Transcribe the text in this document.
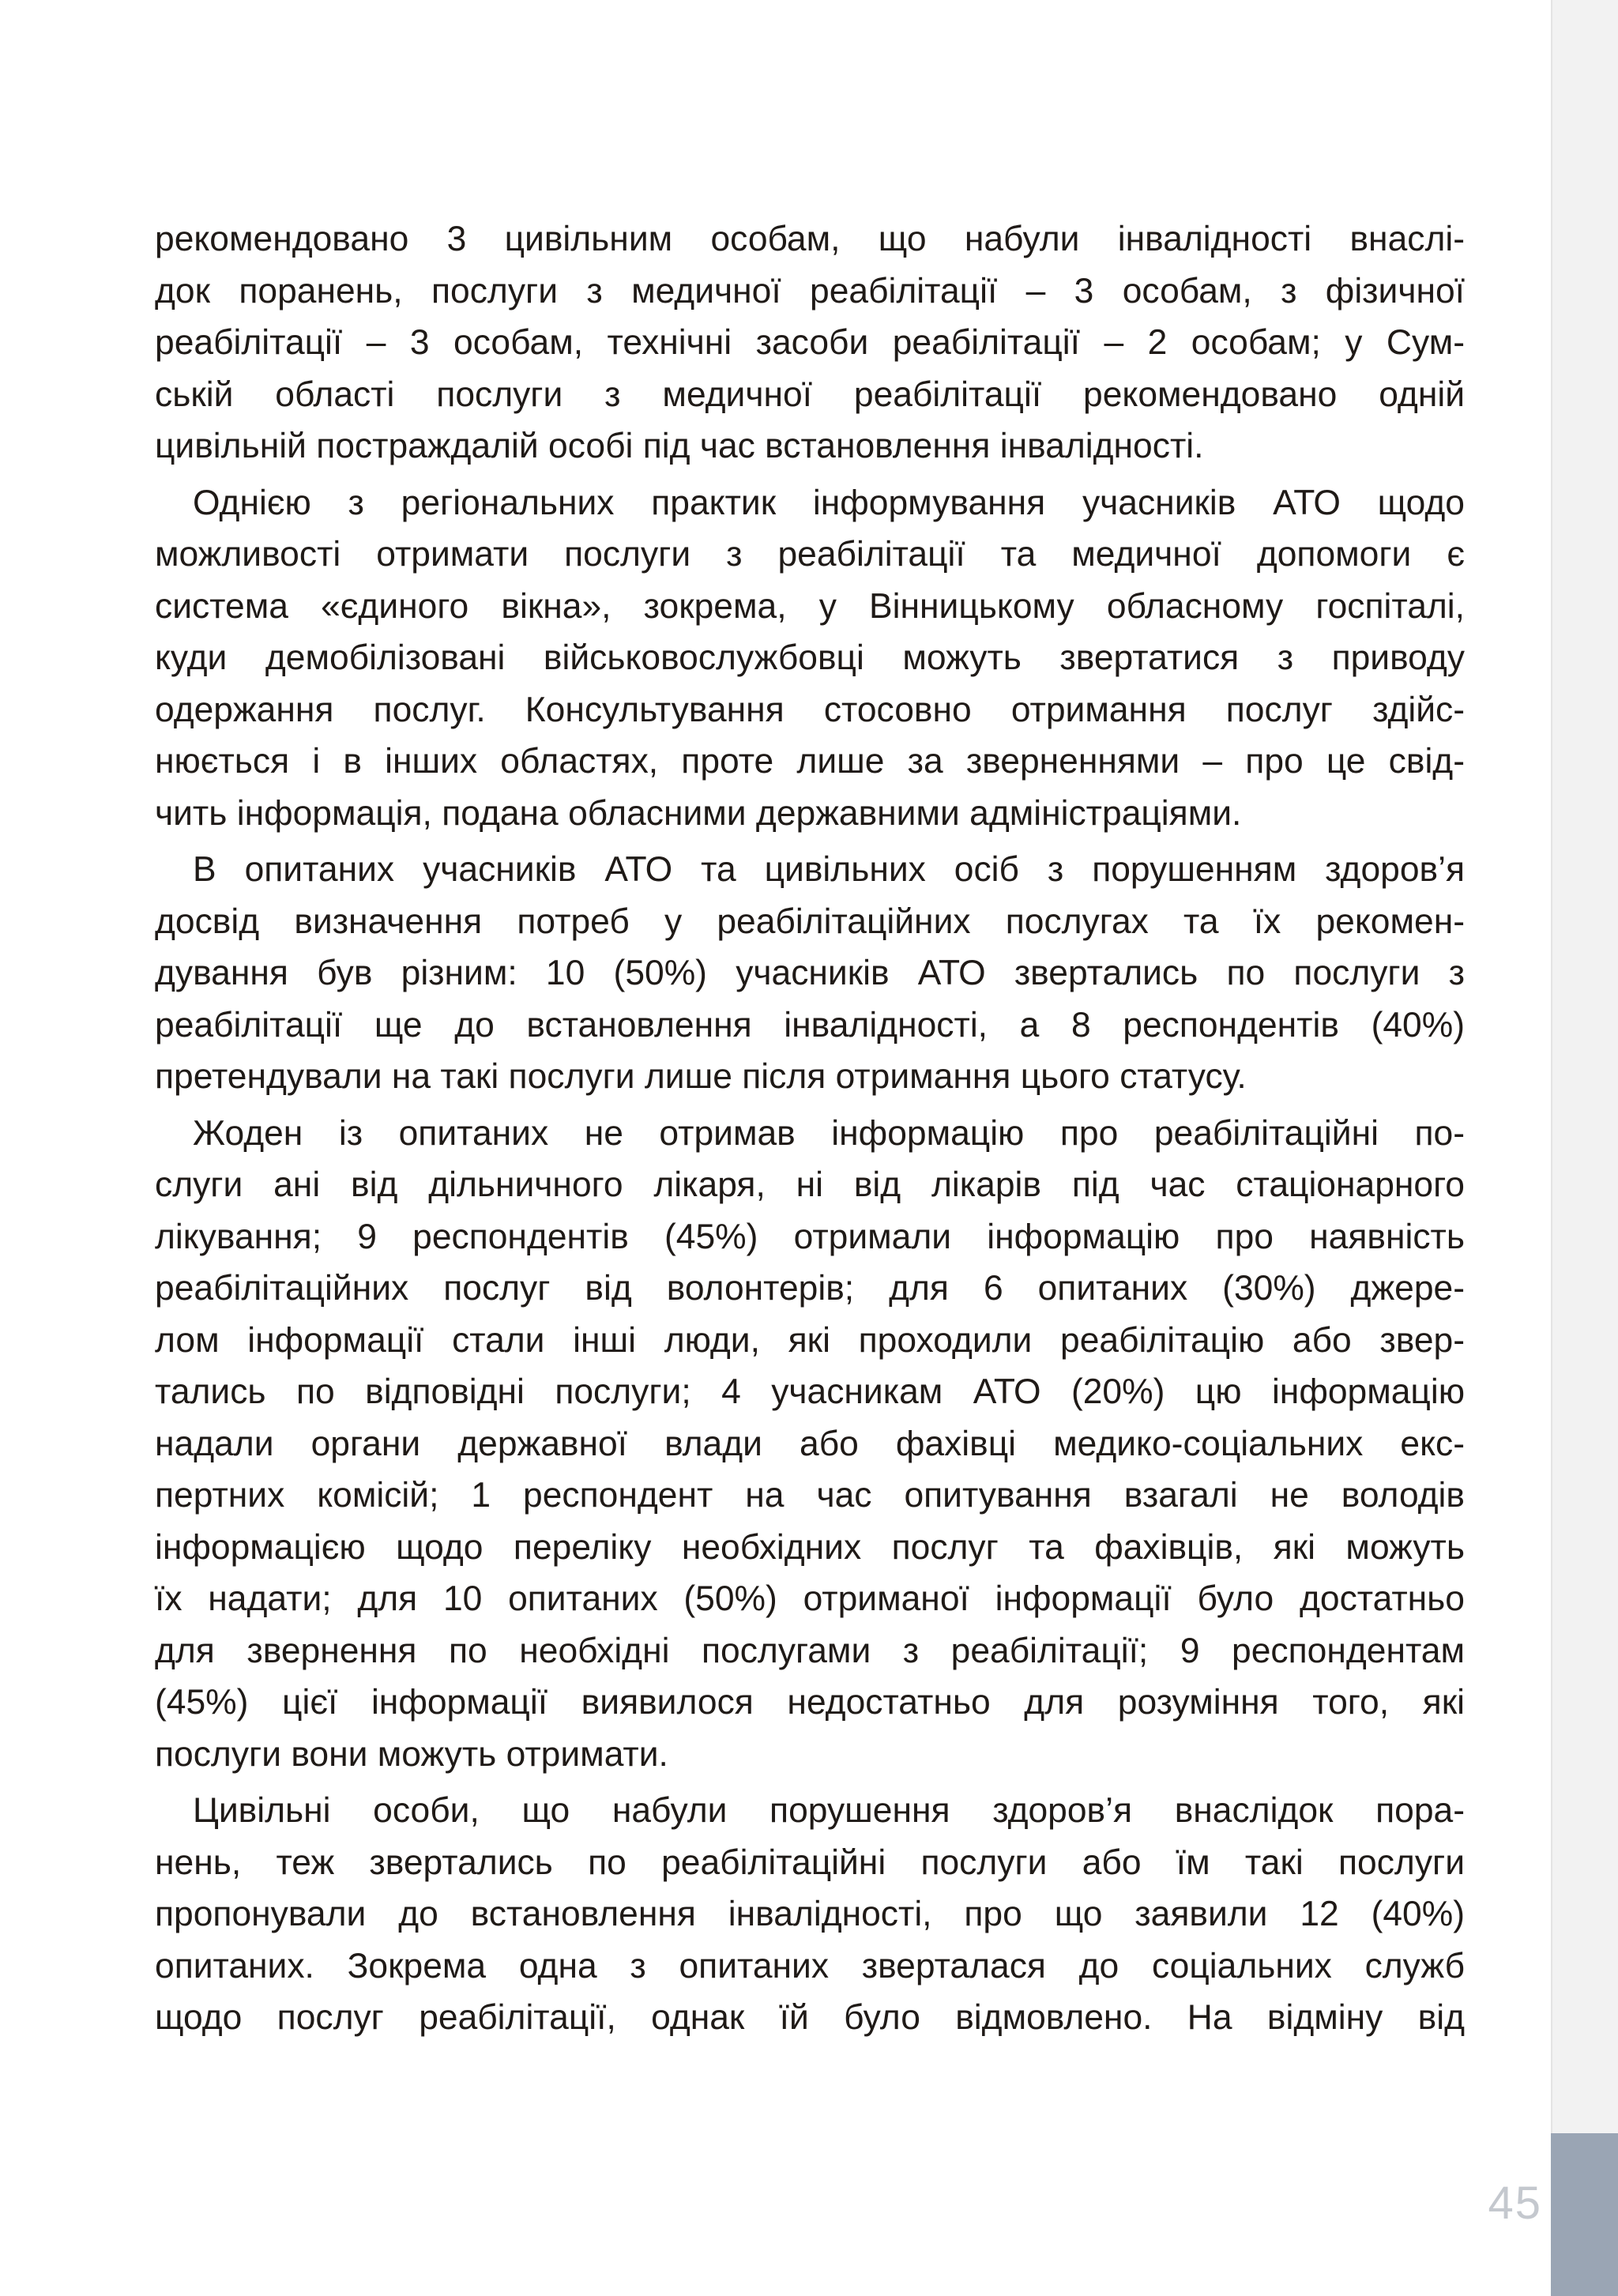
45

рекомендовано 3 цивільним особам, що набули інвалідності внаслі-
док поранень, послуги з медичної реабілітації – 3 особам, з фізичної
реабілітації – 3 особам, технічні засоби реабілітації – 2 особам; у Сум-
ській області послуги з медичної реабілітації рекомендовано одній
цивільній постраждалій особі під час встановлення інвалідності.

Однією з регіональних практик інформування учасників АТО щодо
можливості отримати послуги з реабілітації та медичної допомоги є
система «єдиного вікна», зокрема, у Вінницькому обласному госпіталі,
куди демобілізовані військовослужбовці можуть звертатися з приводу
одержання послуг. Консультування стосовно отримання послуг здійс-
нюється і в інших областях, проте лише за зверненнями – про це свід-
чить інформація, подана обласними державними адміністраціями.

В опитаних учасників АТО та цивільних осіб з порушенням здоров’я
досвід визначення потреб у реабілітаційних послугах та їх рекомен-
дування був різним: 10 (50%) учасників АТО звертались по послуги з
реабілітації ще до встановлення інвалідності, а 8 респондентів (40%)
претендували на такі послуги лише після отримання цього статусу.

Жоден із опитаних не отримав інформацію про реабілітаційні по-
слуги ані від дільничного лікаря, ні від лікарів під час стаціонарного
лікування; 9 респондентів (45%) отримали інформацію про наявність
реабілітаційних послуг від волонтерів; для 6 опитаних (30%) джере-
лом інформації стали інші люди, які проходили реабілітацію або звер-
тались по відповідні послуги; 4 учасникам АТО (20%) цю інформацію
надали органи державної влади або фахівці медико-соціальних екс-
пертних комісій; 1 респондент на час опитування взагалі не володів
інформацією щодо переліку необхідних послуг та фахівців, які можуть
їх надати; для 10 опитаних (50%) отриманої інформації було достатньо
для звернення по необхідні послугами з реабілітації; 9 респондентам
(45%) цієї інформації виявилося недостатньо для розуміння того, які
послуги вони можуть отримати.

Цивільні особи, що набули порушення здоров’я внаслідок пора-
нень, теж звертались по реабілітаційні послуги або їм такі послуги
пропонували до встановлення інвалідності, про що заявили 12 (40%)
опитаних. Зокрема одна з опитаних зверталася до соціальних служб
щодо послуг реабілітації, однак їй було відмовлено. На відміну від
